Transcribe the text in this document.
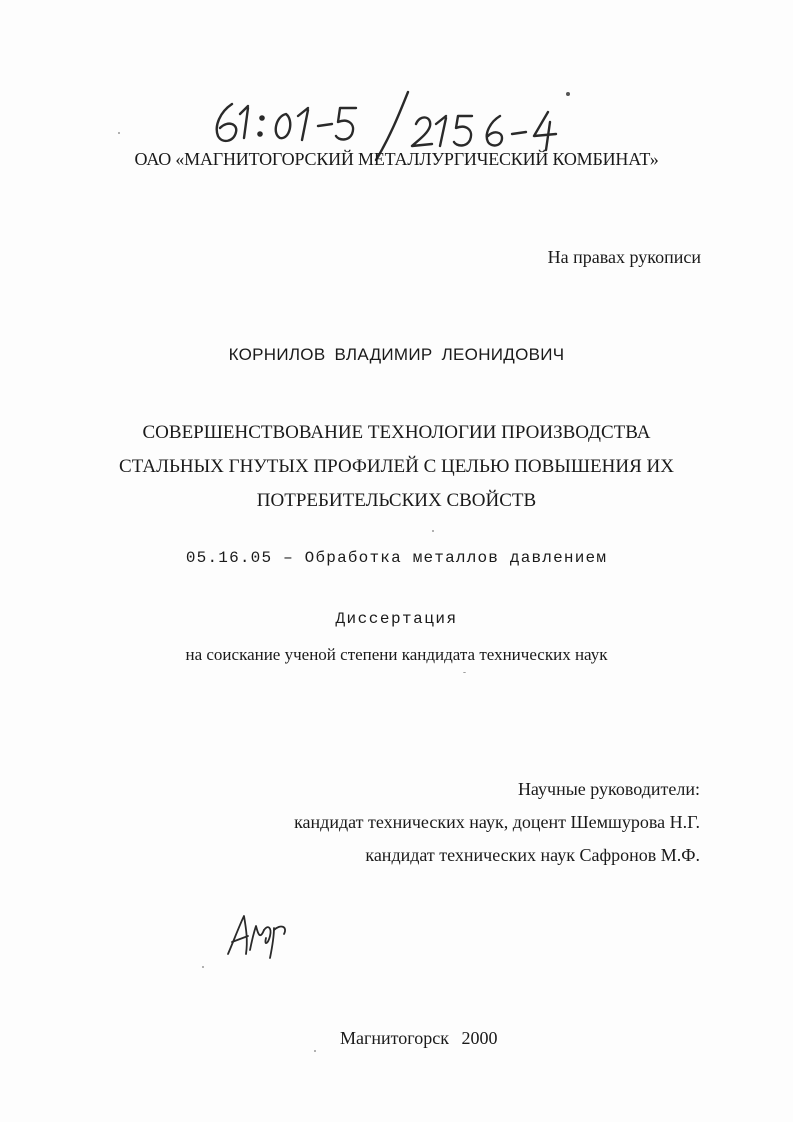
ОАО «МАГНИТОГОРСКИЙ МЕТАЛЛУРГИЧЕСКИЙ КОМБИНАТ»
На правах рукописи
КОРНИЛОВ ВЛАДИМИР ЛЕОНИДОВИЧ
СОВЕРШЕНСТВОВАНИЕ ТЕХНОЛОГИИ ПРОИЗВОДСТВА
СТАЛЬНЫХ ГНУТЫХ ПРОФИЛЕЙ С ЦЕЛЬЮ ПОВЫШЕНИЯ ИХ
ПОТРЕБИТЕЛЬСКИХ СВОЙСТВ
05.16.05 – Обработка металлов давлением
Диссертация
на соискание ученой степени кандидата технических наук
Научные руководители:
кандидат технических наук, доцент Шемшурова Н.Г.
кандидат технических наук Сафронов М.Ф.
Магнитогорск 2000
